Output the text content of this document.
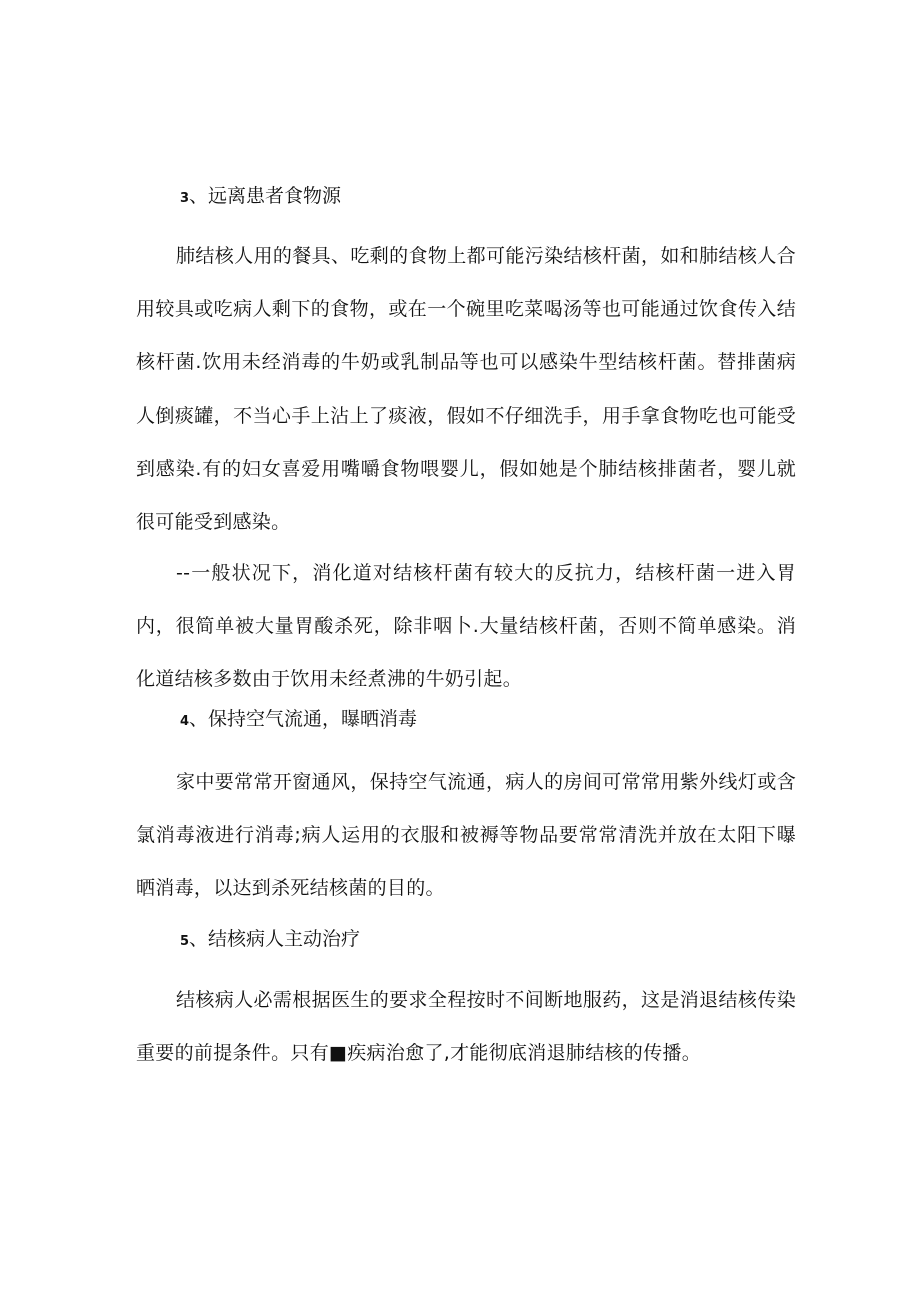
3、远离患者食物源
肺结核人用的餐具、吃剩的食物上都可能污染结核杆菌，如和肺结核人合用较具或吃病人剩下的食物，或在一个碗里吃菜喝汤等也可能通过饮食传入结核杆菌.饮用未经消毒的牛奶或乳制品等也可以感染牛型结核杆菌。替排菌病人倒痰罐，不当心手上沾上了痰液，假如不仔细洗手，用手拿食物吃也可能受到感染.有的妇女喜爱用嘴嚼食物喂婴儿，假如她是个肺结核排菌者，婴儿就很可能受到感染。
--一般状况下，消化道对结核杆菌有较大的反抗力，结核杆菌一进入胃内，很简单被大量胃酸杀死，除非咽卜.大量结核杆菌，否则不简单感染。消化道结核多数由于饮用未经煮沸的牛奶引起。
4、保持空气流通，曝晒消毒
家中要常常开窗通风，保持空气流通，病人的房间可常常用紫外线灯或含氯消毒液进行消毒;病人运用的衣服和被褥等物品要常常清洗并放在太阳下曝晒消毒，以达到杀死结核菌的目的。
5、结核病人主动治疗
结核病人必需根据医生的要求全程按时不间断地服药，这是消退结核传染重要的前提条件。只有■疾病治愈了,才能彻底消退肺结核的传播。
